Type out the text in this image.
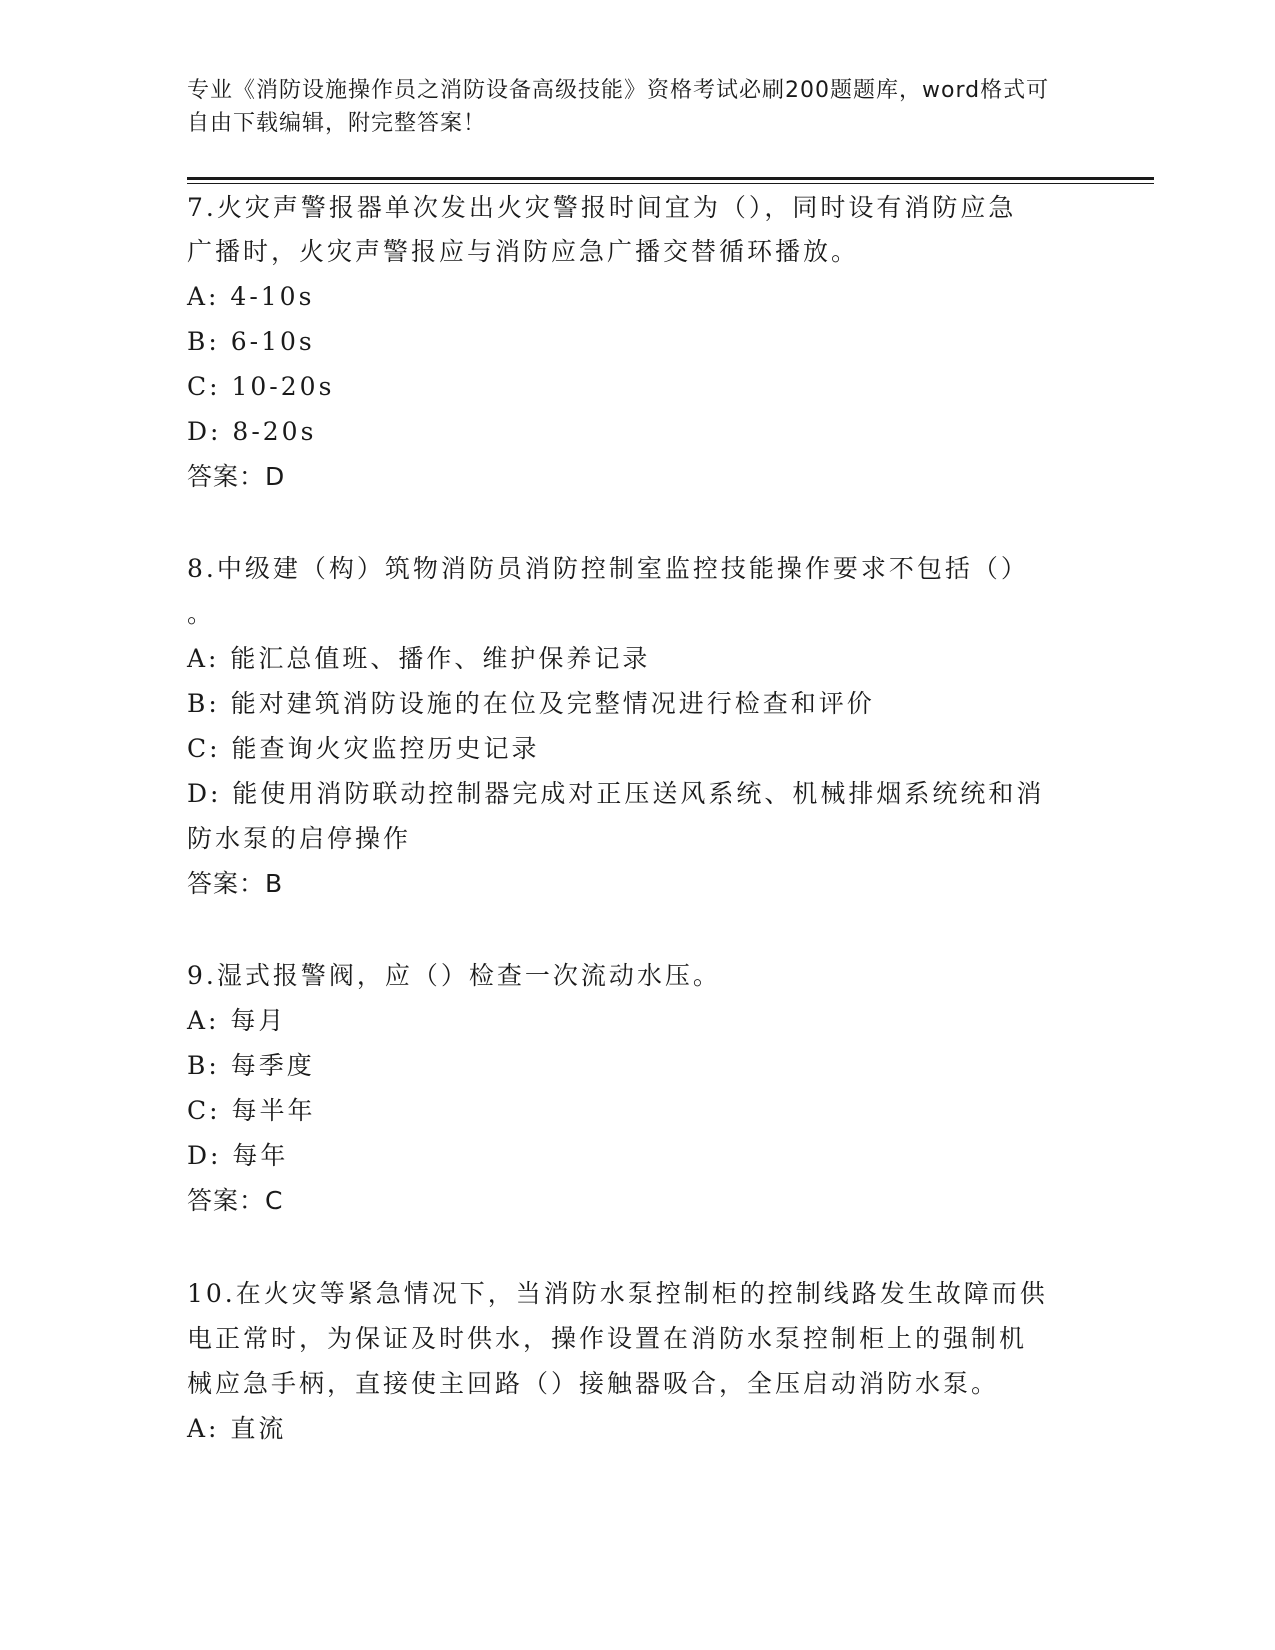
专业《消防设施操作员之消防设备高级技能》资格考试必刷200题题库，word格式可自由下载编辑，附完整答案！
7.火灾声警报器单次发出火灾警报时间宜为（），同时设有消防应急
广播时，火灾声警报应与消防应急广播交替循环播放。
A: 4-10s
B: 6-10s
C: 10-20s
D: 8-20s
答案：D
8.中级建（构）筑物消防员消防控制室监控技能操作要求不包括（）
。
A: 能汇总值班、播作、维护保养记录
B: 能对建筑消防设施的在位及完整情况进行检查和评价
C: 能查询火灾监控历史记录
D: 能使用消防联动控制器完成对正压送风系统、机械排烟系统统和消
防水泵的启停操作
答案：B
9.湿式报警阀，应（）检查一次流动水压。
A: 每月
B: 每季度
C: 每半年
D: 每年
答案：C
10.在火灾等紧急情况下，当消防水泵控制柜的控制线路发生故障而供
电正常时，为保证及时供水，操作设置在消防水泵控制柜上的强制机
械应急手柄，直接使主回路（）接触器吸合，全压启动消防水泵。
A: 直流
